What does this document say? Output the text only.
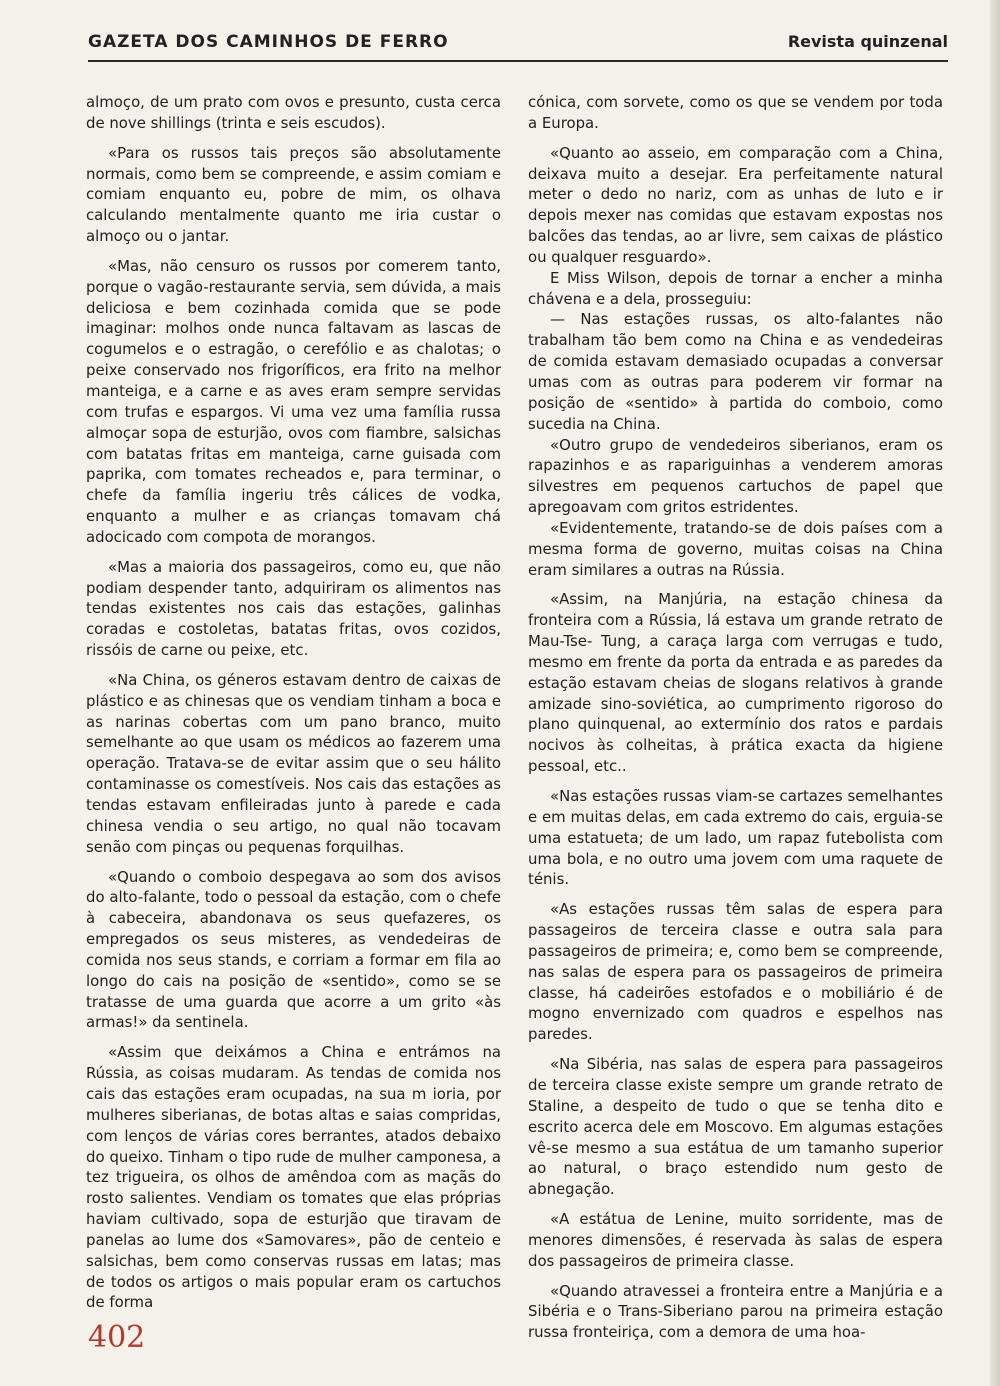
GAZETA DOS CAMINHOS DE FERRO	Revista quinzenal

almoço, de um prato com ovos e presunto, custa cerca de nove shillings (trinta e seis escudos).

«Para os russos tais preços são absolutamente normais, como bem se compreende, e assim comiam e comiam enquanto eu, pobre de mim, os olhava calculando mentalmente quanto me iria custar o almoço ou o jantar.

«Mas, não censuro os russos por comerem tanto, porque o vagão-restaurante servia, sem dúvida, a mais deliciosa e bem cozinhada comida que se pode imaginar: molhos onde nunca faltavam as lascas de cogumelos e o estragão, o cerefólio e as chalotas; o peixe conservado nos frigoríficos, era frito na melhor manteiga, e a carne e as aves eram sempre servidas com trufas e espargos. Vi uma vez uma família russa almoçar sopa de esturjão, ovos com fiambre, salsichas com batatas fritas em manteiga, carne guisada com paprika, com tomates recheados e, para terminar, o chefe da família ingeriu três cálices de vodka, enquanto a mulher e as crianças tomavam chá adocicado com compota de morangos.

«Mas a maioria dos passageiros, como eu, que não podiam despender tanto, adquiriram os alimentos nas tendas existentes nos cais das estações, galinhas coradas e costoletas, batatas fritas, ovos cozidos, rissóis de carne ou peixe, etc.

«Na China, os géneros estavam dentro de caixas de plástico e as chinesas que os vendiam tinham a boca e as narinas cobertas com um pano branco, muito semelhante ao que usam os médicos ao fazerem uma operação. Tratava-se de evitar assim que o seu hálito contaminasse os comestíveis. Nos cais das estações as tendas estavam enfileiradas junto à parede e cada chinesa vendia o seu artigo, no qual não tocavam senão com pinças ou pequenas forquilhas.

«Quando o comboio despegava ao som dos avisos do alto-falante, todo o pessoal da estação, com o chefe à cabeceira, abandonava os seus quefazeres, os empregados os seus misteres, as vendedeiras de comida nos seus stands, e corriam a formar em fila ao longo do cais na posição de «sentido», como se se tratasse de uma guarda que acorre a um grito «às armas!» da sentinela.

«Assim que deixámos a China e entrámos na Rússia, as coisas mudaram. As tendas de comida nos cais das estações eram ocupadas, na sua m ioria, por mulheres siberianas, de botas altas e saias compridas, com lenços de várias cores berrantes, atados debaixo do queixo. Tinham o tipo rude de mulher camponesa, a tez trigueira, os olhos de amêndoa com as maçãs do rosto salientes. Vendiam os tomates que elas próprias haviam cultivado, sopa de esturjão que tiravam de panelas ao lume dos «Samovares», pão de centeio e salsichas, bem como conservas russas em latas; mas de todos os artigos o mais popular eram os cartuchos de forma

cónica, com sorvete, como os que se vendem por toda a Europa.

«Quanto ao asseio, em comparação com a China, deixava muito a desejar. Era perfeitamente natural meter o dedo no nariz, com as unhas de luto e ir depois mexer nas comidas que estavam expostas nos balcões das tendas, ao ar livre, sem caixas de plástico ou qualquer resguardo».

E Miss Wilson, depois de tornar a encher a minha chávena e a dela, prosseguiu:

— Nas estações russas, os alto-falantes não trabalham tão bem como na China e as vendedeiras de comida estavam demasiado ocupadas a conversar umas com as outras para poderem vir formar na posição de «sentido» à partida do comboio, como sucedia na China.

«Outro grupo de vendedeiros siberianos, eram os rapazinhos e as rapariguinhas a venderem amoras silvestres em pequenos cartuchos de papel que apregoavam com gritos estridentes.

«Evidentemente, tratando-se de dois países com a mesma forma de governo, muitas coisas na China eram similares a outras na Rússia.

«Assim, na Manjúria, na estação chinesa da fronteira com a Rússia, lá estava um grande retrato de Mau-Tse- Tung, a caraça larga com verrugas e tudo, mesmo em frente da porta da entrada e as paredes da estação estavam cheias de slogans relativos à grande amizade sino-soviética, ao cumprimento rigoroso do plano quinquenal, ao extermínio dos ratos e pardais nocivos às colheitas, à prática exacta da higiene pessoal, etc..

«Nas estações russas viam-se cartazes semelhantes e em muitas delas, em cada extremo do cais, erguia-se uma estatueta; de um lado, um rapaz futebolista com uma bola, e no outro uma jovem com uma raquete de ténis.

«As estações russas têm salas de espera para passageiros de terceira classe e outra sala para passageiros de primeira; e, como bem se compreende, nas salas de espera para os passageiros de primeira classe, há cadeirões estofados e o mobiliário é de mogno envernizado com quadros e espelhos nas paredes.

«Na Sibéria, nas salas de espera para passageiros de terceira classe existe sempre um grande retrato de Staline, a despeito de tudo o que se tenha dito e escrito acerca dele em Moscovo. Em algumas estações vê-se mesmo a sua estátua de um tamanho superior ao natural, o braço estendido num gesto de abnegação.

«A estátua de Lenine, muito sorridente, mas de menores dimensões, é reservada às salas de espera dos passageiros de primeira classe.

«Quando atravessei a fronteira entre a Manjúria e a Sibéria e o Trans-Siberiano parou na primeira estação russa fronteiriça, com a demora de uma hoa-

402
